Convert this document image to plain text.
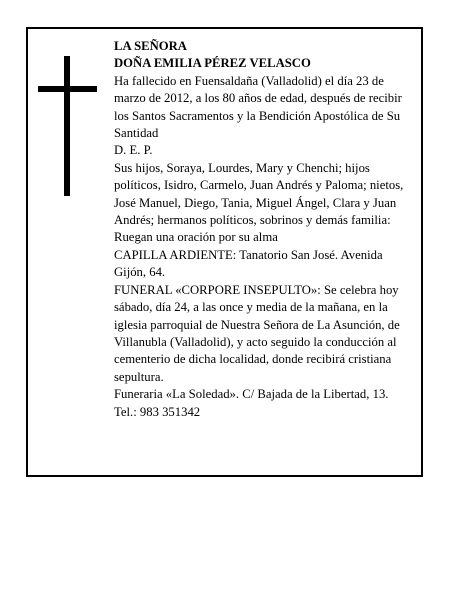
LA SEÑORA

DOÑA EMILIA PÉREZ VELASCO

Ha fallecido en Fuensaldaña (Valladolid) el día 23 de marzo de 2012, a los 80 años de edad, después de recibir los Santos Sacramentos y la Bendición Apostólica de Su Santidad

D. E. P.

Sus hijos, Soraya, Lourdes, Mary y Chenchi; hijos políticos, Isidro, Carmelo, Juan Andrés y Paloma; nietos, José Manuel, Diego, Tania, Miguel Ángel, Clara y Juan Andrés; hermanos políticos, sobrinos y demás familia:

Ruegan una oración por su alma

CAPILLA ARDIENTE: Tanatorio San José. Avenida Gijón, 64.

FUNERAL «CORPORE INSEPULTO»: Se celebra hoy sábado, día 24, a las once y media de la mañana, en la iglesia parroquial de Nuestra Señora de La Asunción, de Villanubla (Valladolid), y acto seguido la conducción al cementerio de dicha localidad, donde recibirá cristiana sepultura.

Funeraria «La Soledad». C/ Bajada de la Libertad, 13. Tel.: 983 351342
